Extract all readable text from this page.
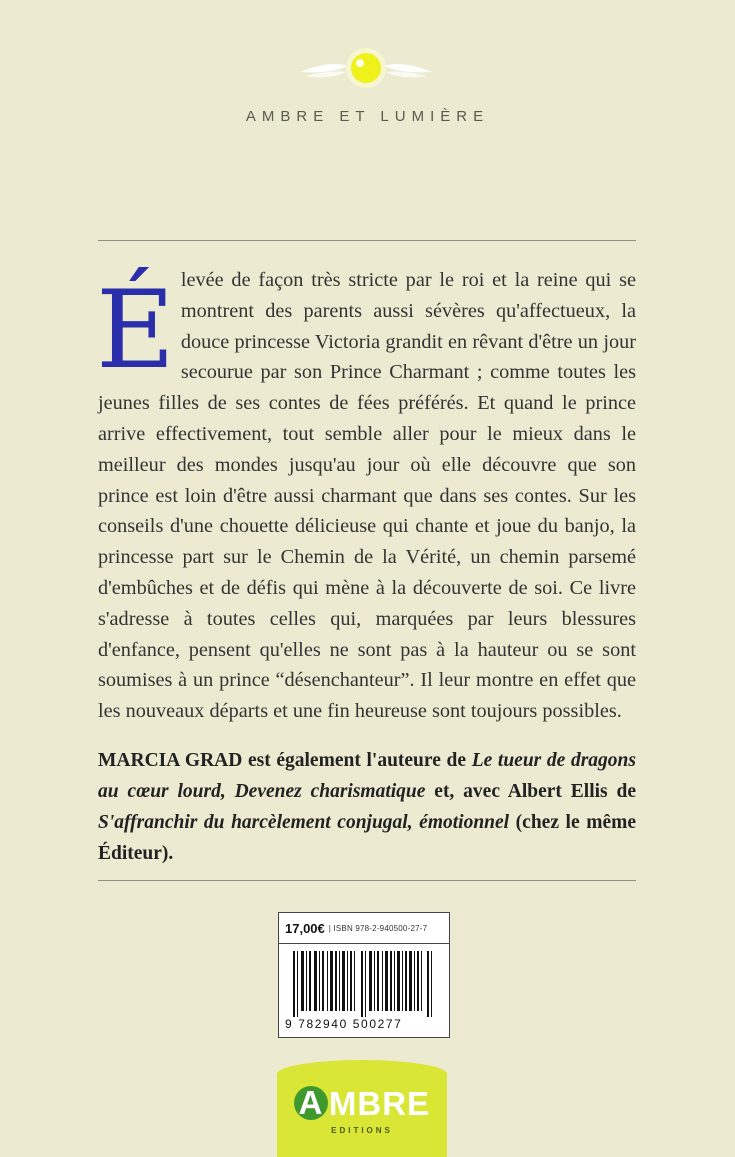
AMBRE ET LUMIÈRE

Élevée de façon très stricte par le roi et la reine qui se montrent des parents aussi sévères qu'affectueux, la douce princesse Victoria grandit en rêvant d'être un jour secourue par son Prince Charmant ; comme toutes les jeunes filles de ses contes de fées préférés. Et quand le prince arrive effectivement, tout semble aller pour le mieux dans le meilleur des mondes jusqu'au jour où elle découvre que son prince est loin d'être aussi charmant que dans ses contes. Sur les conseils d'une chouette délicieuse qui chante et joue du banjo, la princesse part sur le Chemin de la Vérité, un chemin parsemé d'embûches et de défis qui mène à la découverte de soi. Ce livre s'adresse à toutes celles qui, marquées par leurs blessures d'enfance, pensent qu'elles ne sont pas à la hauteur ou se sont soumises à un prince “désenchanteur”. Il leur montre en effet que les nouveaux départs et une fin heureuse sont toujours possibles.

MARCIA GRAD est également l'auteure de Le tueur de dragons au cœur lourd, Devenez charismatique et, avec Albert Ellis de S'affranchir du harcèlement conjugal, émotionnel (chez le même Éditeur).

17,00€ | ISBN 978-2-940500-27-7
9 782940 500277
A MBRE
EDITIONS
